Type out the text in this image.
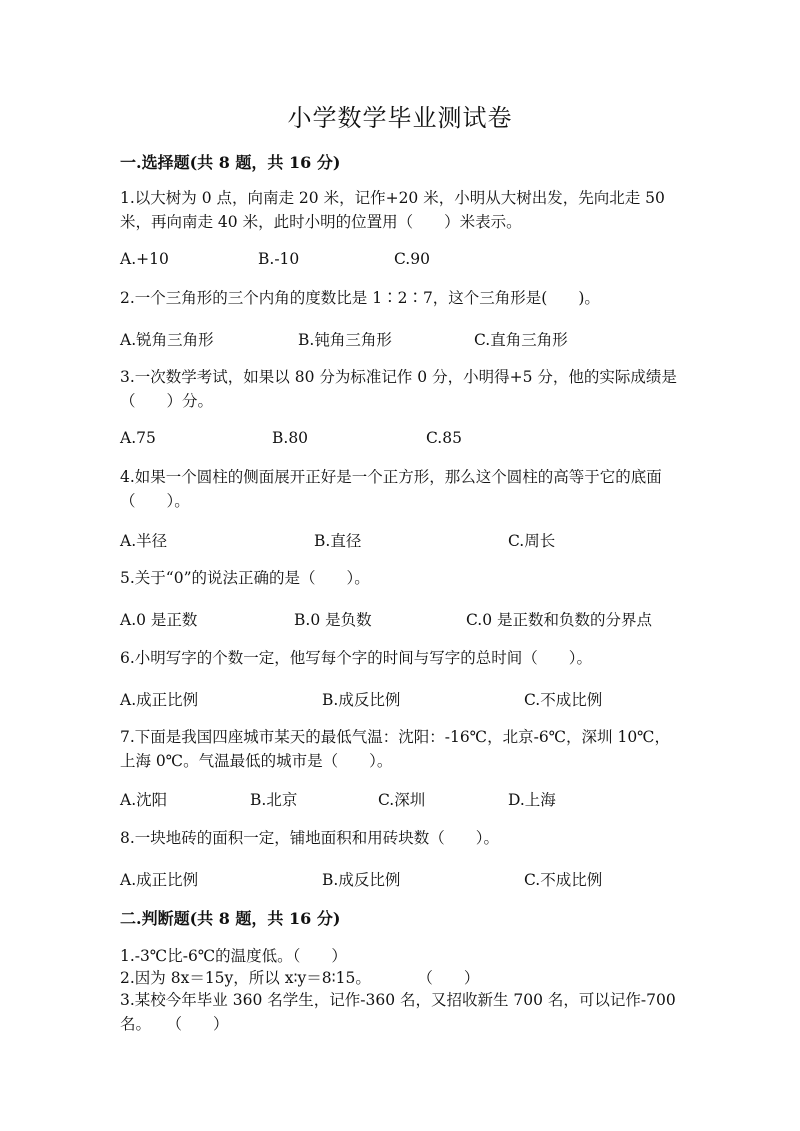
小学数学毕业测试卷
一.选择题(共 8 题，共 16 分)
1.以大树为 0 点，向南走 20 米，记作+20 米，小明从大树出发，先向北走 50 米，再向南走 40 米，此时小明的位置用（　　）米表示。
A.+10	B.-10	C.90
2.一个三角形的三个内角的度数比是 1∶2∶7，这个三角形是(　　)。
A.锐角三角形	B.钝角三角形	C.直角三角形
3.一次数学考试，如果以 80 分为标准记作 0 分，小明得+5 分，他的实际成绩是（　　）分。
A.75	B.80	C.85
4.如果一个圆柱的侧面展开正好是一个正方形，那么这个圆柱的高等于它的底面（　　）。
A.半径	B.直径	C.周长
5.关于“0”的说法正确的是（　　）。
A.0 是正数	B.0 是负数	C.0 是正数和负数的分界点
6.小明写字的个数一定，他写每个字的时间与写字的总时间（　　）。
A.成正比例	B.成反比例	C.不成比例
7.下面是我国四座城市某天的最低气温：沈阳：-16℃，北京-6℃，深圳 10℃，上海 0℃。气温最低的城市是（　　）。
A.沈阳	B.北京	C.深圳	D.上海
8.一块地砖的面积一定，铺地面积和用砖块数（　　）。
A.成正比例	B.成反比例	C.不成比例
二.判断题(共 8 题，共 16 分)
1.-3℃比-6℃的温度低。（　　）
2.因为 8x＝15y，所以 x∶y＝8∶15。　　　　（　　）
3.某校今年毕业 360 名学生，记作-360 名，又招收新生 700 名，可以记作-700 名。　　（　　）
